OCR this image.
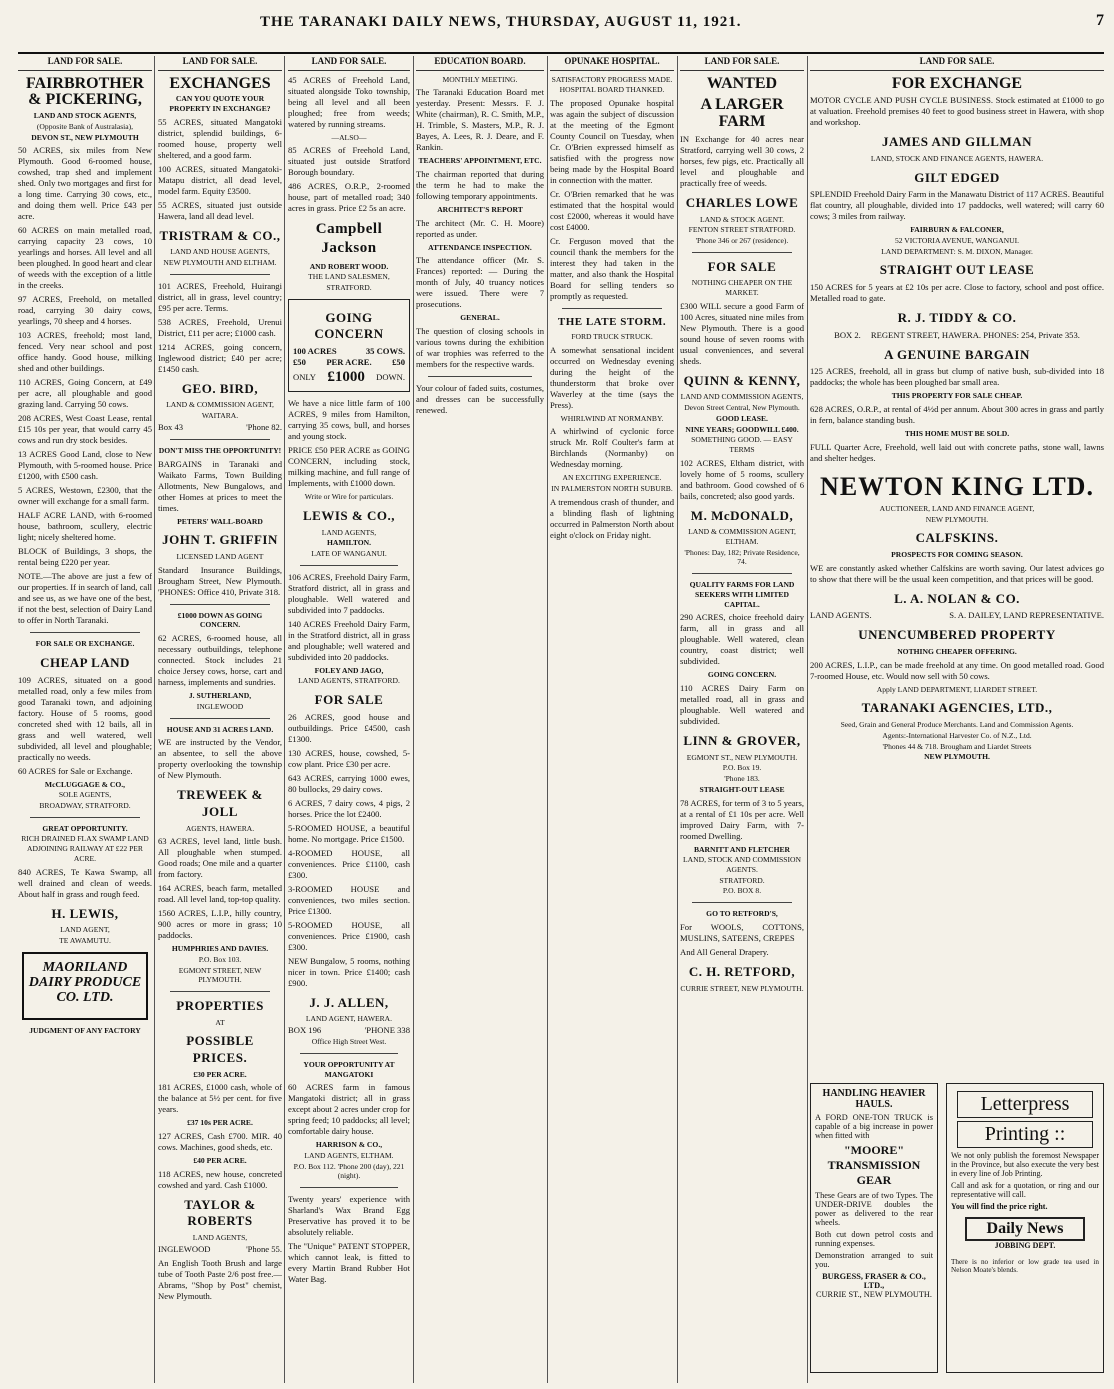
THE TARANAKI DAILY NEWS, THURSDAY, AUGUST 11, 1921.	7
LAND FOR SALE.
FAIRBROTHER & PICKERING,
LAND AND STOCK AGENTS,
(Opposite Bank of Australasia),
DEVON ST., NEW PLYMOUTH
50 ACRES, six miles from New Plymouth. Good 6-roomed house, cowshed, trap shed and implement shed. Only two mortgages and first for a long time. Carrying 30 cows, etc., and doing them well. Price £43 per acre.
60 ACRES on main metalled road, carrying capacity 23 cows, 10 yearlings and horses. All level and all been ploughed. In good heart and clear of weeds with the exception of a little in the creeks.
97 ACRES, Freehold, on metalled road, carrying 30 dairy cows, yearlings, 70 sheep and 4 horses.
103 ACRES, freehold; most land, fenced. Very near school and post office handy. Good house, milking shed and other buildings.
110 ACRES, Going Concern, at £49 per acre, all ploughable and good grazing land. Carrying 50 cows.
208 ACRES, West Coast Lease, rental £15 10s per year, that would carry 45 cows and run dry stock besides.
13 ACRES Good Land, close to New Plymouth, with 5-roomed house. Price £1200, with £500 cash.
5 ACRES, Westown, £2300, that the owner will exchange for a small farm.
HALF ACRE LAND, with 6-roomed house, bathroom, scullery, electric light; nicely sheltered home.
BLOCK of Buildings, 3 shops, the rental being £220 per year.
NOTE.—The above are just a few of our properties. If in search of land, call and see us, as we have one of the best, if not the best, selection of Dairy Land to offer in North Taranaki.
FOR SALE OR EXCHANGE.
CHEAP LAND
109 ACRES, situated on a good metalled road, only a few miles from good Taranaki town, and adjoining factory. House of 5 rooms, good concreted shed with 12 bails, all in grass and well watered, well subdivided, all level and ploughable; practically no weeds.
60 ACRES for Sale or Exchange.
McCLUGGAGE & CO.,
SOLE AGENTS,
BROADWAY, STRATFORD.
GREAT OPPORTUNITY.
RICH DRAINED FLAX SWAMP LAND ADJOINING RAILWAY AT £22 PER ACRE.
840 ACRES, Te Kawa Swamp, all well drained and clean of weeds. About half in grass and rough feed.
H. LEWIS,
LAND AGENT,
TE AWAMUTU.
MAORILAND DAIRY PRODUCE CO. LTD.
JUDGMENT OF ANY FACTORY
LAND FOR SALE.
EXCHANGES
CAN YOU QUOTE YOUR PROPERTY IN EXCHANGE?
55 ACRES, situated Mangatoki district, splendid buildings, 6-roomed house, property well sheltered, and a good farm.
100 ACRES, situated Mangatoki-Matapu district, all dead level, model farm. Equity £3500.
55 ACRES, situated just outside Hawera, land all dead level.
TRISTRAM & CO.,
LAND AND HOUSE AGENTS,
NEW PLYMOUTH AND ELTHAM.
101 ACRES, Freehold, Huirangi district, all in grass, level country; £95 per acre. Terms.
538 ACRES, Freehold, Urenui District, £11 per acre; £1000 cash.
1214 ACRES, going concern, Inglewood district; £40 per acre; £1450 cash.
GEO. BIRD,
LAND & COMMISSION AGENT,
WAITARA.
Box 43	'Phone 82.
DON'T MISS THE OPPORTUNITY!
BARGAINS in Taranaki and Waikato Farms, Town Building Allotments, New Bungalows, and other Homes at prices to meet the times.
PETERS' WALL-BOARD
JOHN T. GRIFFIN
LICENSED LAND AGENT
Standard Insurance Buildings, Brougham Street, New Plymouth. 'PHONES: Office 410, Private 318.
£1000 DOWN AS GOING CONCERN.
62 ACRES, 6-roomed house, all necessary outbuildings, telephone connected. Stock includes 21 choice Jersey cows, horse, cart and harness, implements and sundries.
J. SUTHERLAND,
INGLEWOOD
HOUSE AND 31 ACRES LAND.
WE are instructed by the Vendor, an absentee, to sell the above property overlooking the township of New Plymouth.
TREWEEK & JOLL
AGENTS, HAWERA.
63 ACRES, level land, little bush. All ploughable when stumped. Good roads; One mile and a quarter from factory.
164 ACRES, beach farm, metalled road. All level land, top-top quality.
1560 ACRES, L.I.P., hilly country, 900 acres or more in grass; 10 paddocks.
HUMPHRIES AND DAVIES.
P.O. Box 103.
EGMONT STREET, NEW PLYMOUTH.
PROPERTIES
AT
POSSIBLE PRICES.
£30 PER ACRE.
181 ACRES, £1000 cash, whole of the balance at 5½ per cent. for five years.
£37 10s PER ACRE.
127 ACRES, Cash £700. MIR. 40 cows. Machines, good sheds, etc.
£40 PER ACRE.
118 ACRES, new house, concreted cowshed and yard. Cash £1000.
TAYLOR & ROBERTS
LAND AGENTS,
INGLEWOOD	'Phone 55.
An English Tooth Brush and large tube of Tooth Paste 2/6 post free.—Abrams, "Shop by Post" chemist, New Plymouth.
LAND FOR SALE.
45 ACRES of Freehold Land, situated alongside Toko township, being all level and all been ploughed; free from weeds; watered by running streams.
—ALSO—
85 ACRES of Freehold Land, situated just outside Stratford Borough boundary.
486 ACRES, O.R.P., 2-roomed house, part of metalled road; 340 acres in grass. Price £2 5s an acre.
Campbell Jackson
AND ROBERT WOOD.
THE LAND SALESMEN,
STRATFORD.
GOING CONCERN
100 ACRES	35 COWS.
£50 PER ACRE. £50
ONLY £1000 DOWN.
We have a nice little farm of 100 ACRES, 9 miles from Hamilton, carrying 35 cows, bull, and horses and young stock.
PRICE £50 PER ACRE as GOING CONCERN, including stock, milking machine, and full range of Implements, with £1000 down.
Write or Wire for particulars.
LEWIS & CO.,
LAND AGENTS,
HAMILTON.
LATE OF WANGANUI.
106 ACRES, Freehold Dairy Farm, Stratford district, all in grass and ploughable. Well watered and subdivided into 7 paddocks.
140 ACRES Freehold Dairy Farm, in the Stratford district, all in grass and ploughable; well watered and subdivided into 20 paddocks.
FOLEY AND JAGO,
LAND AGENTS, STRATFORD.
FOR SALE
26 ACRES, good house and outbuildings. Price £4500, cash £1300.
130 ACRES, house, cowshed, 5-cow plant. Price £30 per acre.
643 ACRES, carrying 1000 ewes, 80 bullocks, 29 dairy cows.
6 ACRES, 7 dairy cows, 4 pigs, 2 horses. Price the lot £2400.
5-ROOMED HOUSE, a beautiful home. No mortgage. Price £1500.
4-ROOMED HOUSE, all conveniences. Price £1100, cash £300.
3-ROOMED HOUSE and conveniences, two miles section. Price £1300.
5-ROOMED HOUSE, all conveniences. Price £1900, cash £300.
NEW Bungalow, 5 rooms, nothing nicer in town. Price £1400; cash £900.
J. J. ALLEN,
LAND AGENT, HAWERA.
BOX 196	'PHONE 338
Office High Street West.
YOUR OPPORTUNITY AT MANGATOKI
60 ACRES farm in famous Mangatoki district; all in grass except about 2 acres under crop for spring feed; 10 paddocks; all level; comfortable dairy house.
HARRISON & CO.,
LAND AGENTS, ELTHAM.
P.O. Box 112. 'Phone 200 (day), 221 (night).
Twenty years' experience with Sharland's Wax Brand Egg Preservative has proved it to be absolutely reliable.
The "Unique" PATENT STOPPER, which cannot leak, is fitted to every Martin Brand Rubber Hot Water Bag.
EDUCATION BOARD.
MONTHLY MEETING.
The Taranaki Education Board met yesterday. Present: Messrs. F. J. White (chairman), R. C. Smith, M.P., H. Trimble, S. Masters, M.P., R. J. Bayes, A. Lees, R. J. Deare, and F. Rankin.
TEACHERS' APPOINTMENT, ETC.
The chairman reported that during the term he had to make the following temporary appointments.
ARCHITECT'S REPORT
The architect (Mr. C. H. Moore) reported as under.
ATTENDANCE INSPECTION.
The attendance officer (Mr. S. Frances) reported: — During the month of July, 40 truancy notices were issued. There were 7 prosecutions.
GENERAL.
The question of closing schools in various towns during the exhibition of war trophies was referred to the members for the respective wards.
Your colour of faded suits, costumes, and dresses can be successfully renewed.
OPUNAKE HOSPITAL.
SATISFACTORY PROGRESS MADE.
HOSPITAL BOARD THANKED.
The proposed Opunake hospital was again the subject of discussion at the meeting of the Egmont County Council on Tuesday, when Cr. O'Brien expressed himself as satisfied with the progress now being made by the Hospital Board in connection with the matter.
Cr. O'Brien remarked that he was estimated that the hospital would cost £2000, whereas it would have cost £4000.
Cr. Ferguson moved that the council thank the members for the interest they had taken in the matter, and also thank the Hospital Board for selling tenders so promptly as requested.
THE LATE STORM.
FORD TRUCK STRUCK.
A somewhat sensational incident occurred on Wednesday evening during the height of the thunderstorm that broke over Waverley at the time (says the Press).
WHIRLWIND AT NORMANBY.
A whirlwind of cyclonic force struck Mr. Rolf Coulter's farm at Birchlands (Normanby) on Wednesday morning.
AN EXCITING EXPERIENCE.
IN PALMERSTON NORTH SUBURB.
A tremendous crash of thunder, and a blinding flash of lightning occurred in Palmerston North about eight o'clock on Friday night.
LAND FOR SALE.
WANTED
A LARGER FARM
IN Exchange for 40 acres near Stratford, carrying well 30 cows, 2 horses, few pigs, etc. Practically all level and ploughable and practically free of weeds.
CHARLES LOWE
LAND & STOCK AGENT.
FENTON STREET STRATFORD.
'Phone 346 or 267 (residence).
FOR SALE
NOTHING CHEAPER ON THE MARKET.
£300 WILL secure a good Farm of 100 Acres, situated nine miles from New Plymouth. There is a good sound house of seven rooms with usual conveniences, and several sheds.
QUINN & KENNY,
LAND AND COMMISSION AGENTS,
Devon Street Central, New Plymouth.
GOOD LEASE.
NINE YEARS; GOODWILL £400.
SOMETHING GOOD. — EASY TERMS
102 ACRES, Eltham district, with lovely home of 5 rooms, scullery and bathroom. Good cowshed of 6 bails, concreted; also good yards.
M. McDONALD,
LAND & COMMISSION AGENT, ELTHAM.
'Phones: Day, 182; Private Residence, 74.
QUALITY FARMS FOR LAND SEEKERS WITH LIMITED CAPITAL.
290 ACRES, choice freehold dairy farm, all in grass and all ploughable. Well watered, clean country, coast district; well subdivided.
GOING CONCERN.
110 ACRES Dairy Farm on metalled road, all in grass and ploughable. Well watered and subdivided.
LINN & GROVER,
EGMONT ST., NEW PLYMOUTH.
P.O. Box 19.
'Phone 183.
STRAIGHT-OUT LEASE
78 ACRES, for term of 3 to 5 years, at a rental of £1 10s per acre. Well improved Dairy Farm, with 7-roomed Dwelling.
BARNITT AND FLETCHER
LAND, STOCK AND COMMISSION AGENTS.
STRATFORD.
P.O. BOX 8.
GO TO RETFORD'S,
For WOOLS, COTTONS, MUSLINS, SATEENS, CREPES
And All General Drapery.
C. H. RETFORD,
CURRIE STREET, NEW PLYMOUTH.
LAND FOR SALE.
FOR EXCHANGE
MOTOR CYCLE AND PUSH CYCLE BUSINESS. Stock estimated at £1000 to go at valuation. Freehold premises 40 feet to good business street in Hawera, with shop and workshop.
JAMES AND GILLMAN
LAND, STOCK AND FINANCE AGENTS, HAWERA.
GILT EDGED
SPLENDID Freehold Dairy Farm in the Manawatu District of 117 ACRES. Beautiful flat country, all ploughable, divided into 17 paddocks, well watered; will carry 60 cows; 3 miles from railway.
FAIRBURN & FALCONER,
52 VICTORIA AVENUE, WANGANUI.
LAND DEPARTMENT: S. M. DIXON, Manager.
STRAIGHT OUT LEASE
150 ACRES for 5 years at £2 10s per acre. Close to factory, school and post office. Metalled road to gate.
R. J. TIDDY & CO.
BOX 2. REGENT STREET, HAWERA. PHONES: 254, Private 353.
A GENUINE BARGAIN
125 ACRES, freehold, all in grass but clump of native bush, sub-divided into 18 paddocks; the whole has been ploughed bar small area.
THIS PROPERTY FOR SALE CHEAP.
628 ACRES, O.R.P., at rental of 4½d per annum. About 300 acres in grass and partly in fern, balance standing bush.
THIS HOME MUST BE SOLD.
FULL Quarter Acre, Freehold, well laid out with concrete paths, stone wall, lawns and shelter hedges.
NEWTON KING LTD.
AUCTIONEER, LAND AND FINANCE AGENT,
NEW PLYMOUTH.
CALFSKINS.
PROSPECTS FOR COMING SEASON.
WE are constantly asked whether Calfskins are worth saving. Our latest advices go to show that there will be the usual keen competition, and that prices will be good.
L. A. NOLAN & CO.
LAND AGENTS.	S. A. DAILEY, LAND REPRESENTATIVE.
UNENCUMBERED PROPERTY
NOTHING CHEAPER OFFERING.
200 ACRES, L.I.P., can be made freehold at any time. On good metalled road. Good 7-roomed House, etc. Would now sell with 50 cows.
Apply LAND DEPARTMENT, LIARDET STREET.
TARANAKI AGENCIES, LTD.,
Seed, Grain and General Produce Merchants. Land and Commission Agents.
Agents:-International Harvester Co. of N.Z., Ltd.
'Phones 44 & 718. Brougham and Liardet Streets
NEW PLYMOUTH.
HANDLING HEAVIER HAULS.
A FORD ONE-TON TRUCK is capable of a big increase in power when fitted with
"MOORE" TRANSMISSION GEAR
These Gears are of two Types. The UNDER-DRIVE doubles the power as delivered to the rear wheels.
Both cut down petrol costs and running expenses.
Demonstration arranged to suit you.
BURGESS, FRASER & CO., LTD.,
CURRIE ST., NEW PLYMOUTH.
Letterpress
Printing ::
We not only publish the foremost Newspaper in the Province, but also execute the very best in every line of Job Printing.
Call and ask for a quotation, or ring and our representative will call.
You will find the price right.
Daily News
JOBBING DEPT.
There is no inferior or low grade tea used in Nelson Moate's blends.
